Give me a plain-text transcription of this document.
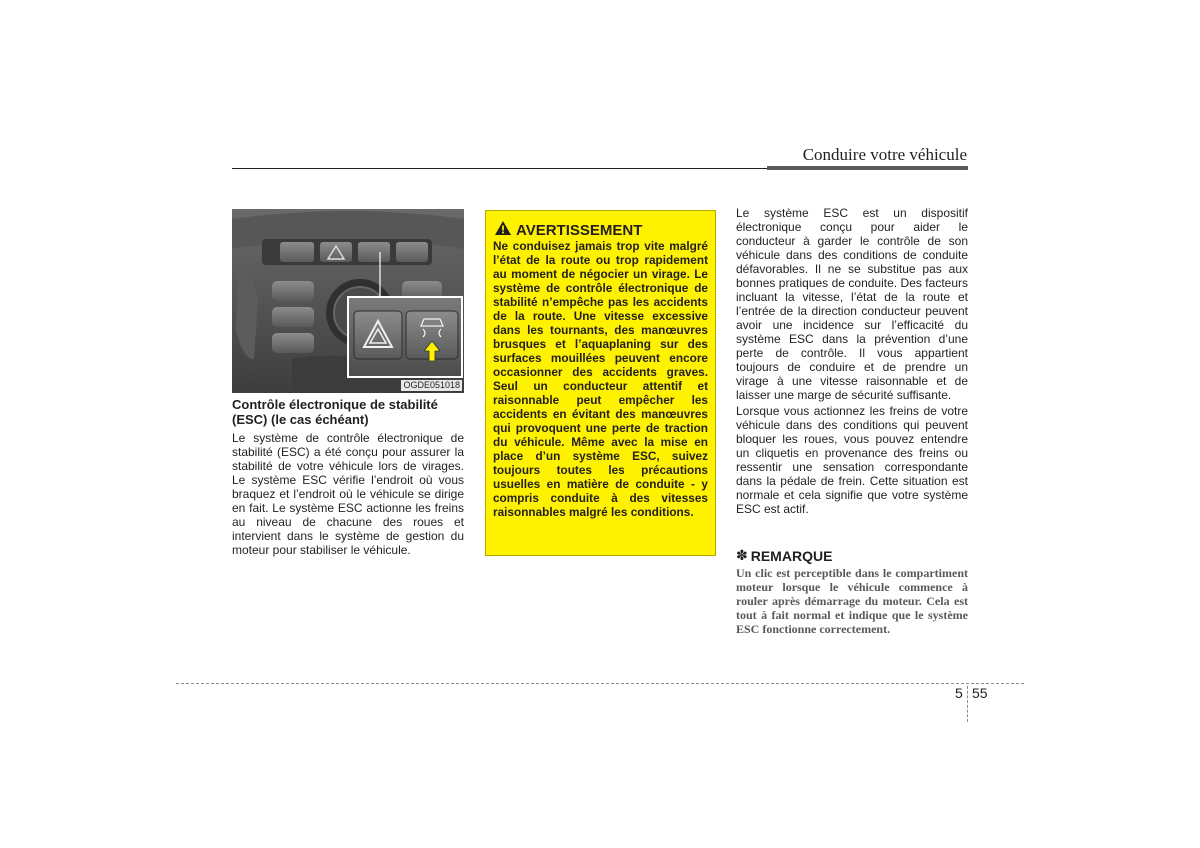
Conduire votre véhicule
OGDE051018
Contrôle électronique de stabilité (ESC) (le cas échéant)
Le système de contrôle électronique de stabilité (ESC) a été conçu pour assurer la stabilité de votre véhicule lors de virages. Le système ESC vérifie l’endroit où vous braquez et l’endroit où le véhicule se dirige en fait. Le système ESC actionne les freins au niveau de chacune des roues et intervient dans le système de gestion du moteur pour stabiliser le véhicule.
AVERTISSEMENT
Ne conduisez jamais trop vite malgré l’état de la route ou trop rapidement au moment de négocier un virage. Le système de contrôle électronique de stabilité n’empêche pas les accidents de la route. Une vitesse excessive dans les tournants, des manœuvres brusques et l’aquaplaning sur des surfaces mouillées peuvent encore occasionner des accidents graves. Seul un conducteur attentif et raisonnable peut empêcher les accidents en évitant des manœuvres qui provoquent une perte de traction du véhicule. Même avec la mise en place d’un système ESC, suivez toujours toutes les précautions usuelles en matière de conduite - y compris conduite à des vitesses raisonnables malgré les conditions.

Le système ESC est un dispositif électronique conçu pour aider le conducteur à garder le contrôle de son véhicule dans des conditions de conduite défavorables. Il ne se substitue pas aux bonnes pratiques de conduite. Des facteurs incluant la vitesse, l’état de la route et l’entrée de la direction conducteur peuvent avoir une incidence sur l’efficacité du système ESC dans la prévention d’une perte de contrôle. Il vous appartient toujours de conduire et de prendre un virage à une vitesse raisonnable et de laisser une marge de sécurité suffisante.

Lorsque vous actionnez les freins de votre véhicule dans des conditions qui peuvent bloquer les roues, vous pouvez entendre un cliquetis en provenance des freins ou ressentir une sensation correspondante dans la pédale de frein. Cette situation est normale et cela signifie que votre système ESC est actif.

✽ REMARQUE
Un clic est perceptible dans le compartiment moteur lorsque le véhicule commence à rouler après démarrage du moteur. Cela est tout à fait normal et indique que le système ESC fonctionne correctement.
5 55
